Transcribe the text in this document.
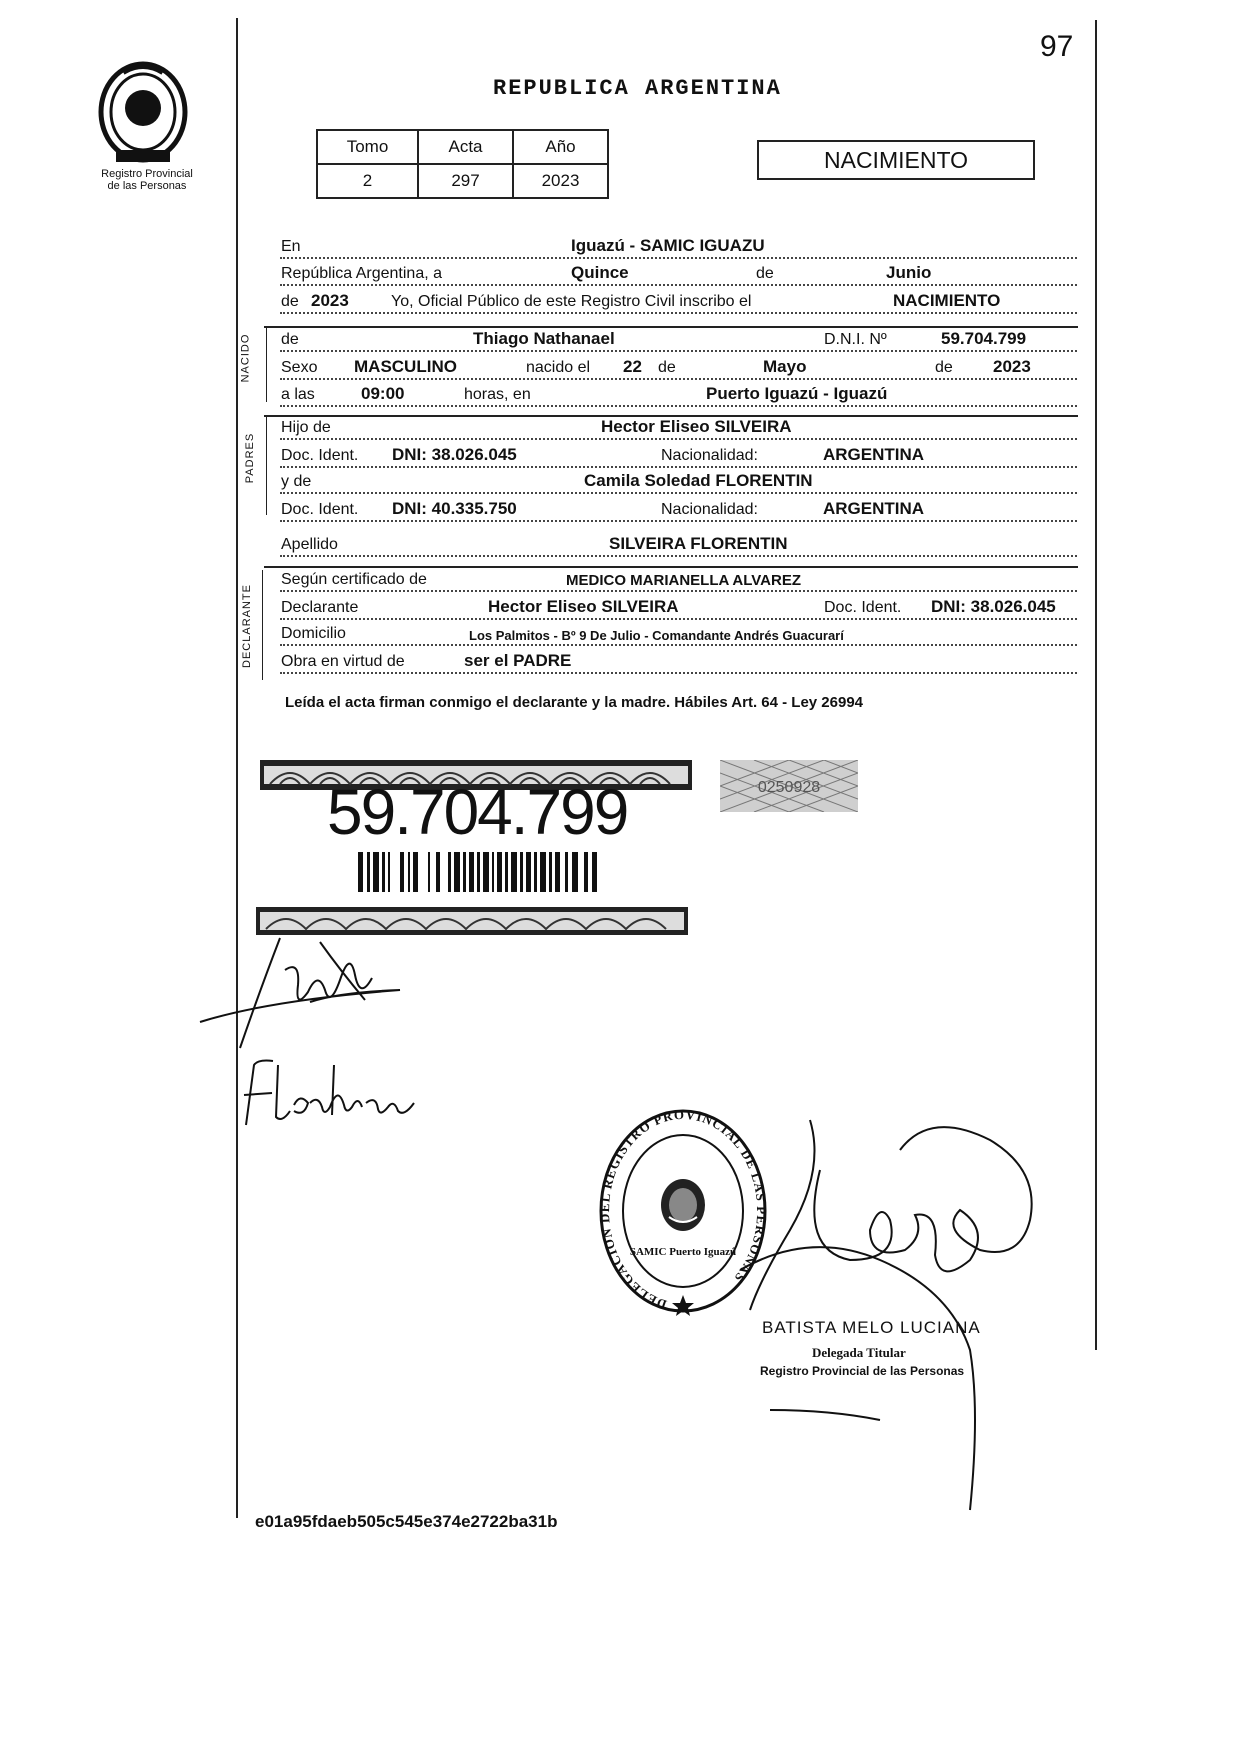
Registro Provincial
de las Personas
97
REPUBLICA ARGENTINA
Tomo	Acta	Año
2	297	2023
NACIMIENTO
En	Iguazú - SAMIC IGUAZU
República Argentina, a	Quince	de	Junio
de 2023	Yo, Oficial Público de este Registro Civil inscribo el	NACIMIENTO
NACIDO de	Thiago Nathanael	D.N.I. Nº	59.704.799
Sexo MASCULINO	nacido el 22 de	Mayo	de 2023
a las	09:00	horas, en	Puerto Iguazú - Iguazú
PADRES
Hijo de	Hector Eliseo SILVEIRA
Doc. Ident. DNI: 38.026.045	Nacionalidad:	ARGENTINA
y de	Camila Soledad FLORENTIN
Doc. Ident. DNI: 40.335.750	Nacionalidad:	ARGENTINA
Apellido	SILVEIRA FLORENTIN
DECLARANTE
Según certificado de	MEDICO MARIANELLA ALVAREZ
Declarante	Hector Eliseo SILVEIRA	Doc. Ident. DNI: 38.026.045
Domicilio	Los Palmitos - Bº 9 De Julio - Comandante Andrés Guacurarí
Obra en virtud de	ser el PADRE
Leída el acta firman conmigo el declarante y la madre. Hábiles Art. 64 - Ley 26994
0250928
59.704.799
DELEGACION DEL REGISTRO PROVINCIAL DE LAS PERSONAS
SAMIC Puerto Iguazú
BATISTA MELO LUCIANA
Delegada Titular
Registro Provincial de las Personas
e01a95fdaeb505c545e374e2722ba31b
